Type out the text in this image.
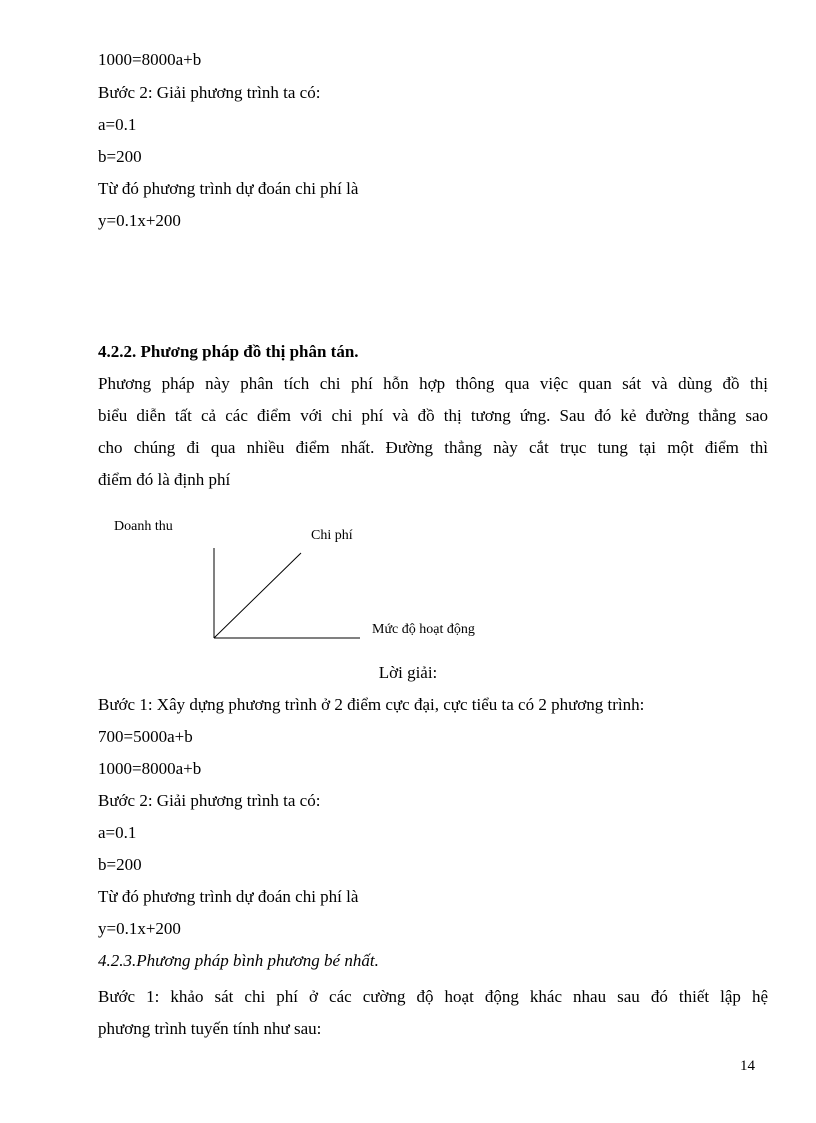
1000=8000a+b
Bước 2: Giải phương trình ta có:
a=0.1
b=200
Từ đó phương trình dự đoán chi phí là
y=0.1x+200
4.2.2. Phương pháp đồ thị phân tán.
Phương pháp này phân tích chi phí hỗn hợp thông qua việc quan sát và dùng đồ thị
biểu diễn tất cả các điểm với chi phí và đồ thị tương ứng. Sau đó kẻ đường thẳng sao
cho chúng đi qua nhiều điểm nhất. Đường thẳng này cắt trục tung tại một điểm thì
điểm đó là định phí
Doanh thu
Chi phí
Mức độ hoạt động
Lời giải:
Bước 1: Xây dựng phương trình ở 2 điểm cực đại, cực tiểu ta có 2 phương trình:
700=5000a+b
1000=8000a+b
Bước 2: Giải phương trình ta có:
a=0.1
b=200
Từ đó phương trình dự đoán chi phí là
y=0.1x+200
4.2.3.Phương pháp bình phương bé nhất.
Bước 1: khảo sát chi phí ở các cường độ hoạt động khác nhau sau đó thiết lập hệ
phương trình tuyến tính như sau:
14
